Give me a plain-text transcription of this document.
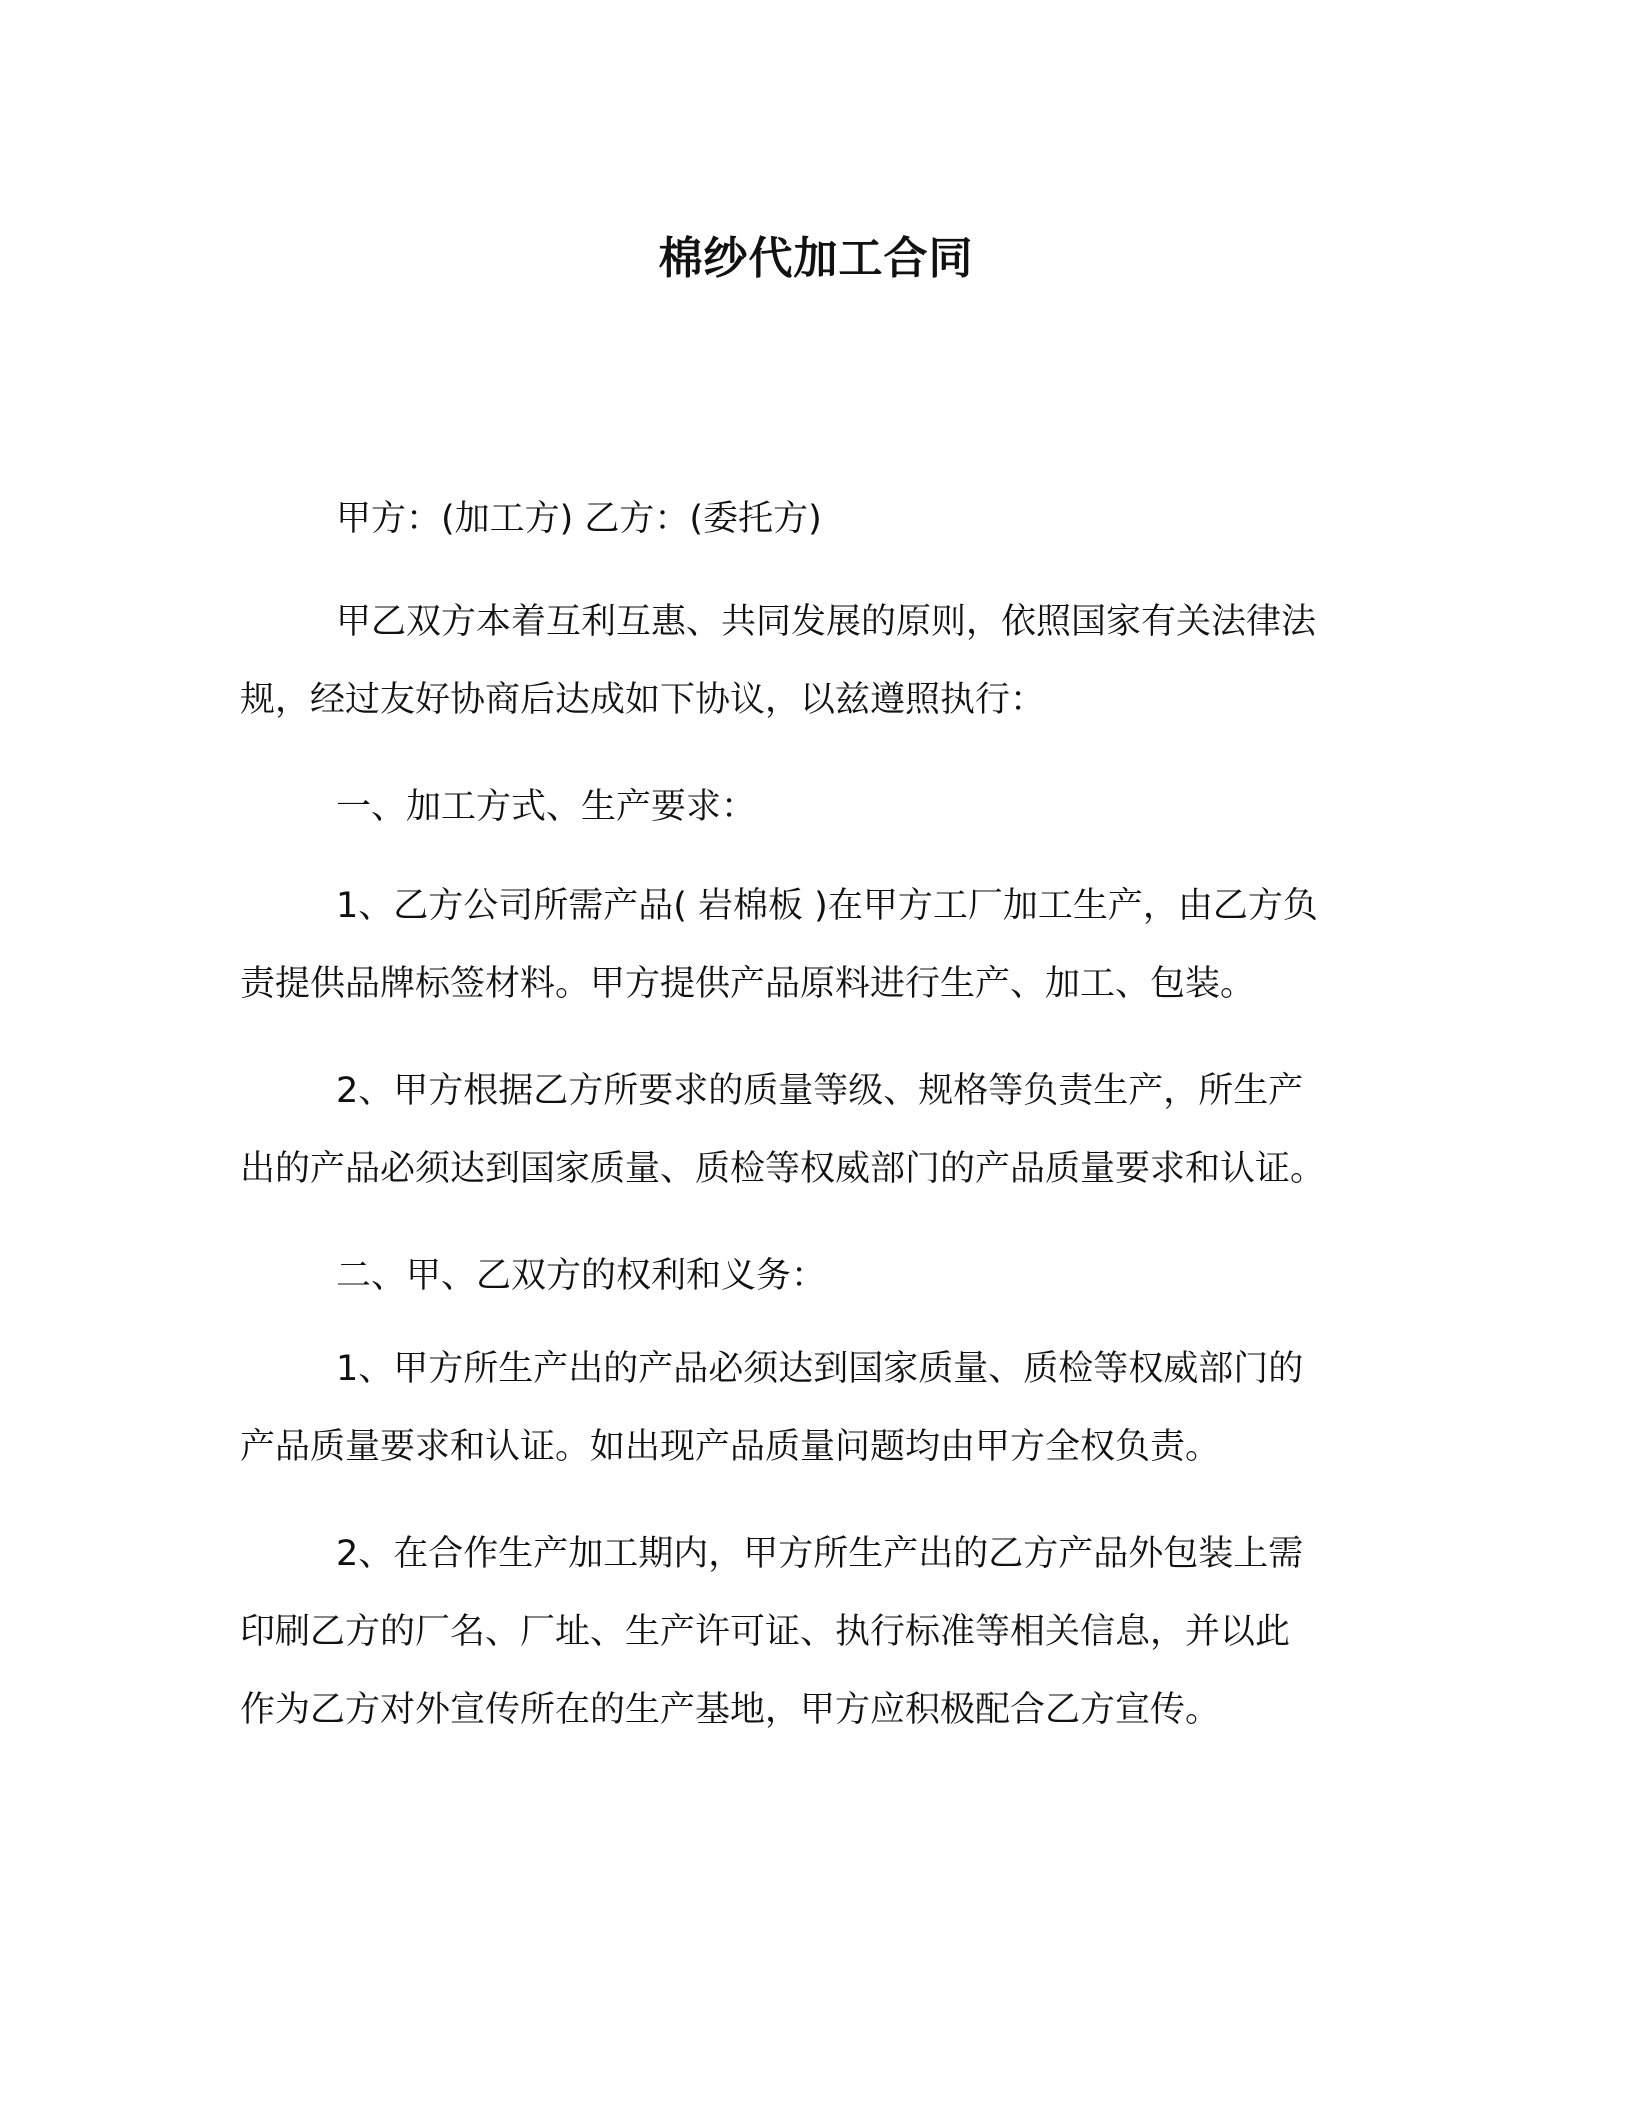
棉纱代加工合同
甲方：(加工方) 乙方：(委托方)
甲乙双方本着互利互惠、共同发展的原则，依照国家有关法律法
规，经过友好协商后达成如下协议，以兹遵照执行：
一、加工方式、生产要求：
1、乙方公司所需产品( 岩棉板 )在甲方工厂加工生产，由乙方负
责提供品牌标签材料。甲方提供产品原料进行生产、加工、包装。
2、甲方根据乙方所要求的质量等级、规格等负责生产，所生产
出的产品必须达到国家质量、质检等权威部门的产品质量要求和认证。
二、甲、乙双方的权利和义务：
1、甲方所生产出的产品必须达到国家质量、质检等权威部门的
产品质量要求和认证。如出现产品质量问题均由甲方全权负责。
2、在合作生产加工期内，甲方所生产出的乙方产品外包装上需
印刷乙方的厂名、厂址、生产许可证、执行标准等相关信息，并以此
作为乙方对外宣传所在的生产基地，甲方应积极配合乙方宣传。
